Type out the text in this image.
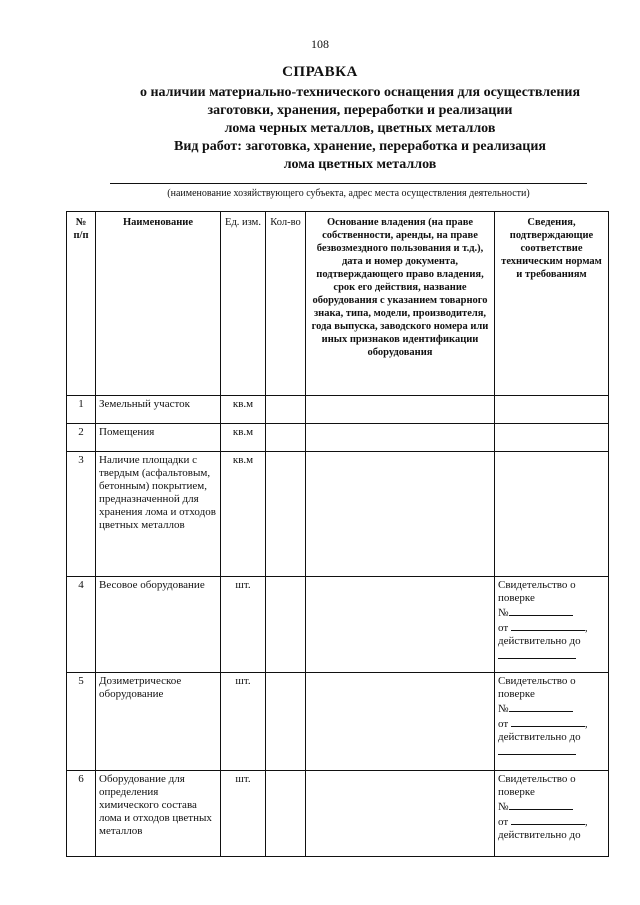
108
СПРАВКА
о наличии материально-технического оснащения для осуществления
заготовки, хранения, переработки и реализации
лома черных металлов, цветных металлов
Вид работ: заготовка, хранение, переработка и реализация
лома цветных металлов
(наименование хозяйствующего субъекта, адрес места осуществления деятельности)
№ п/п	Наименование	Ед. изм.	Кол-во	Основание владения (на праве собственности, аренды, на праве безвозмездного пользования и т.д.), дата и номер документа, подтверждающего право владения, срок его действия, название оборудования с указанием товарного знака, типа, модели, производителя, года выпуска, заводского номера или иных признаков идентификации оборудования	Сведения, подтверждающие соответствие техническим нормам и требованиям
1	Земельный участок	кв.м			
2	Помещения	кв.м			
3	Наличие площадки с твердым (асфальтовым, бетонным) покрытием, предназначенной для хранения лома и отходов цветных металлов	кв.м			
4	Весовое оборудование	шт.			Свидетельство о
поверке
№
от ,
действительно до

5	Дозиметрическое оборудование	шт.			Свидетельство о
поверке
№
от ,
действительно до

6	Оборудование для определения химического состава лома и отходов цветных металлов	шт.			Свидетельство о
поверке
№
от ,
действительно до
